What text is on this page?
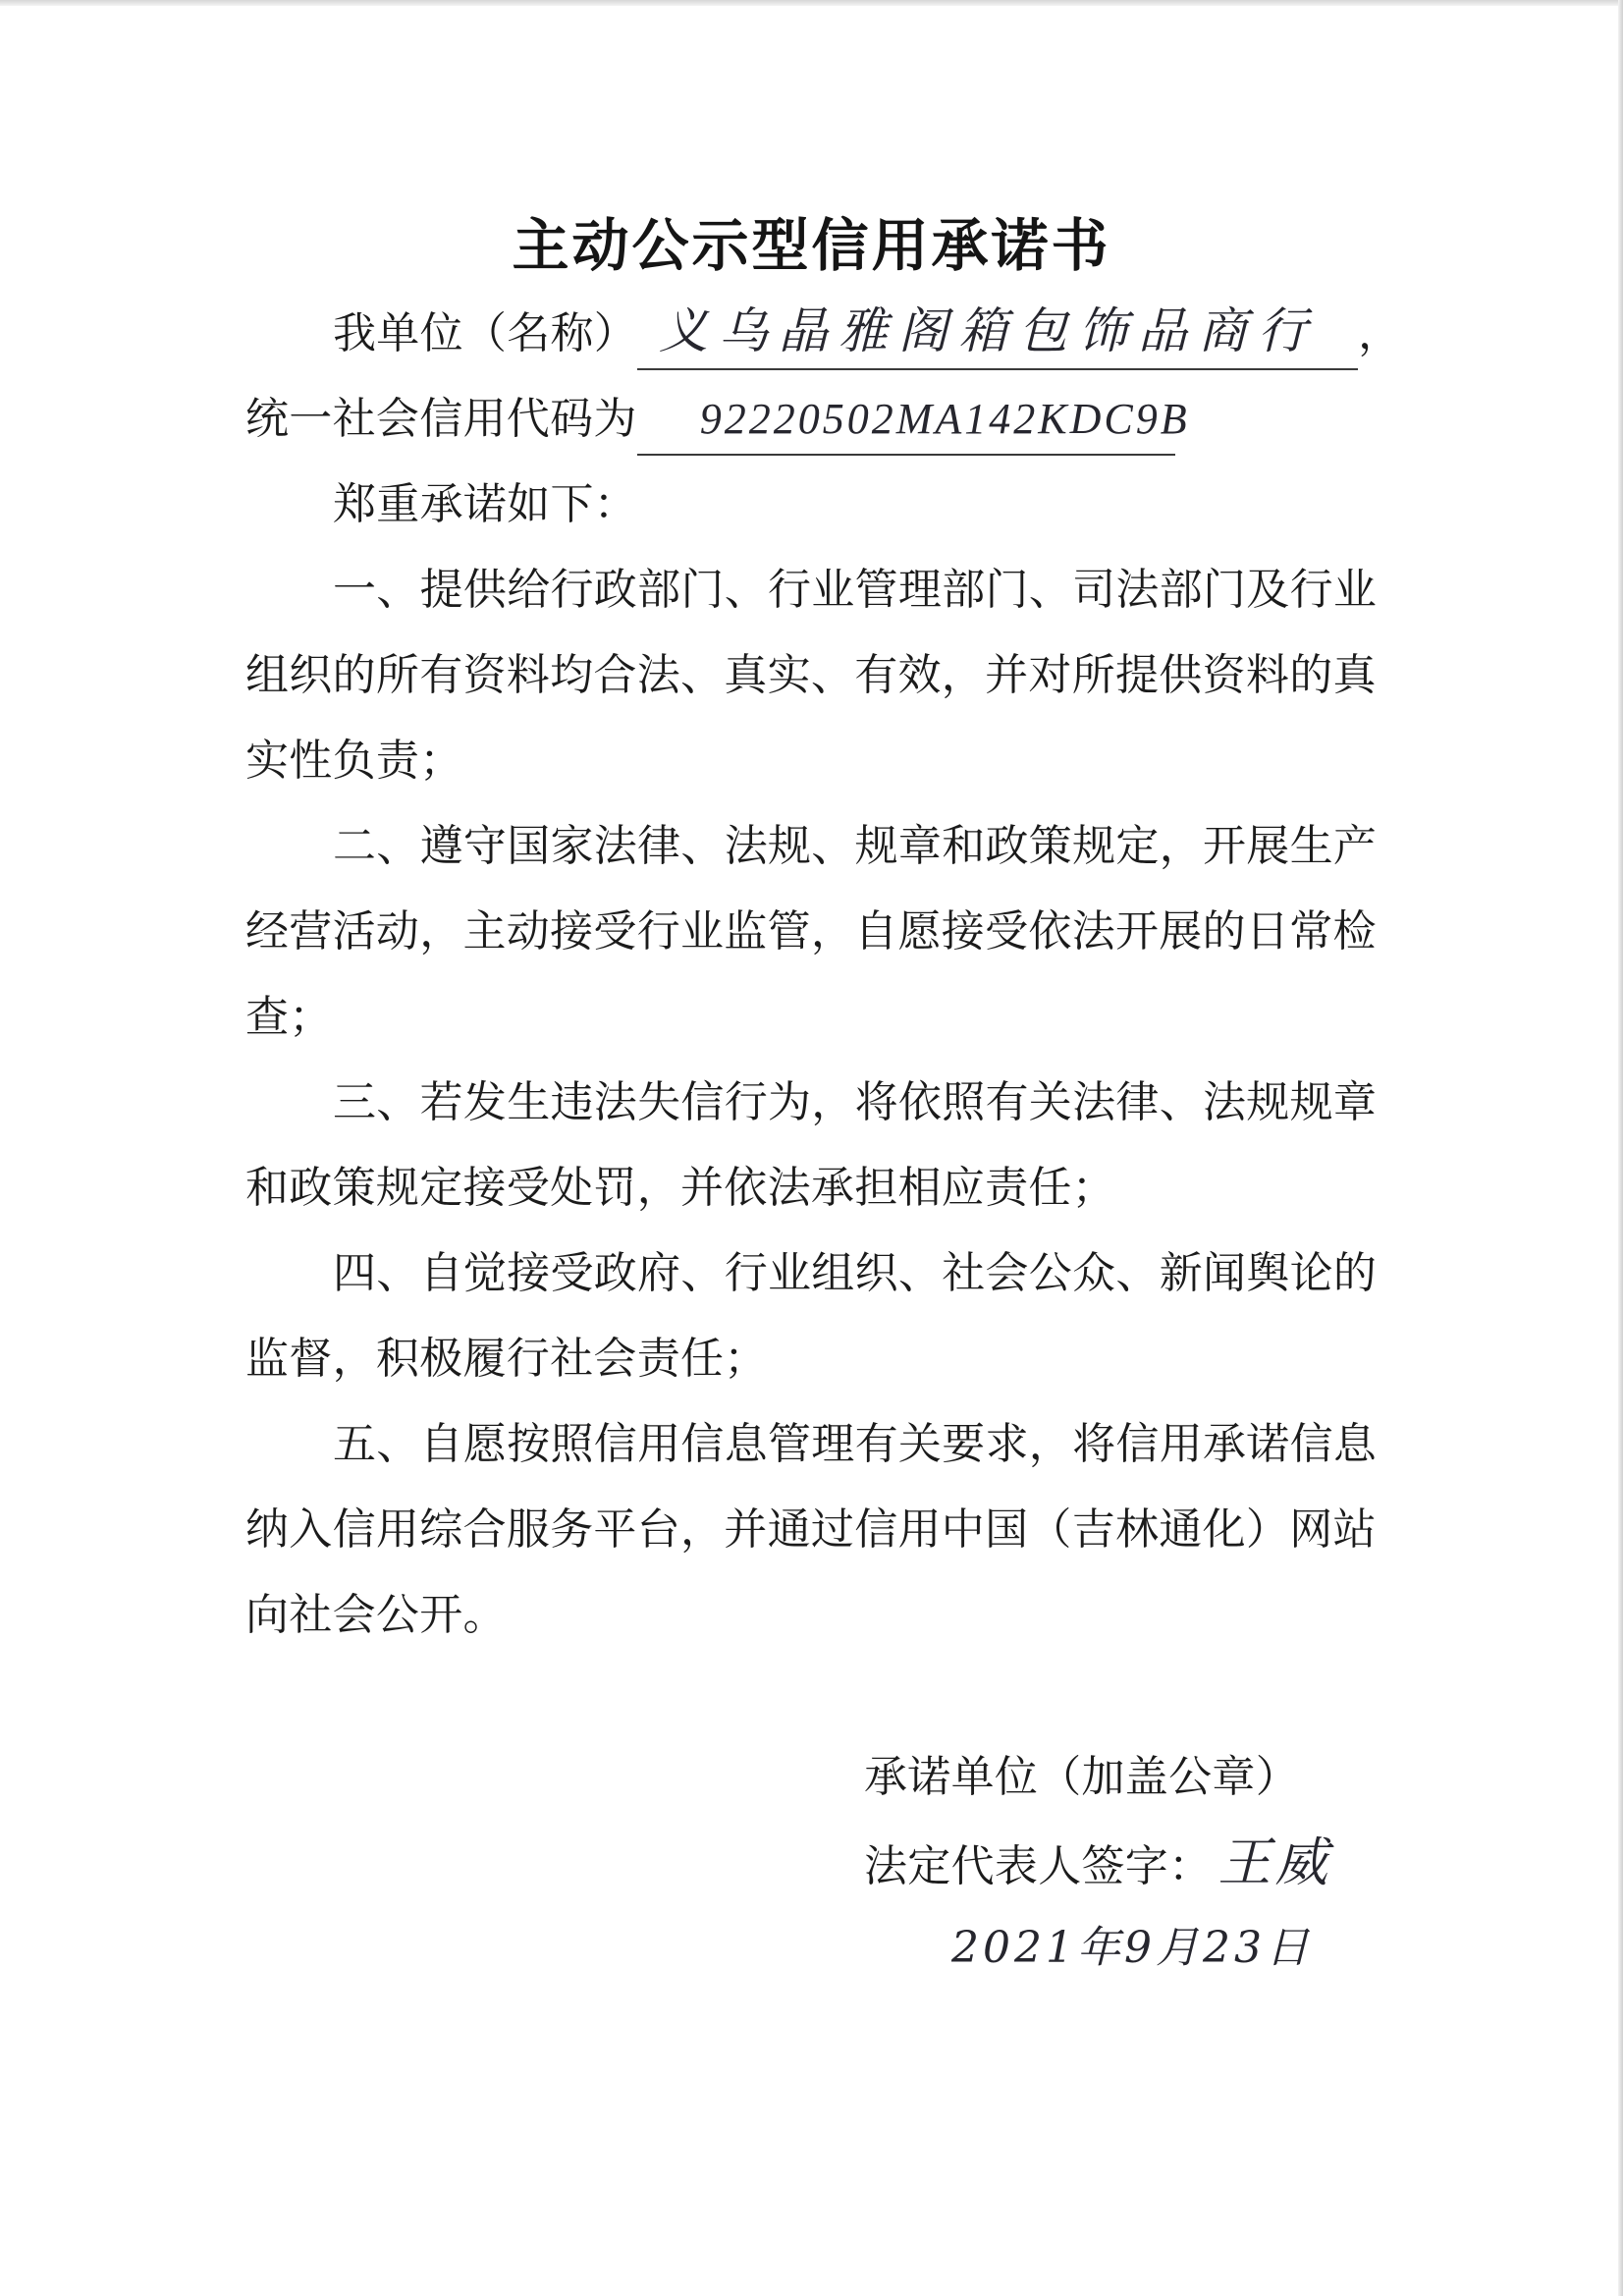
主动公示型信用承诺书
我单位（名称） 义乌晶雅阁箱包饰品商行 ，
统一社会信用代码为 92220502MA142KDC9B
郑重承诺如下：
一、提供给行政部门、行业管理部门、司法部门及行业
组织的所有资料均合法、真实、有效，并对所提供资料的真
实性负责；
二、遵守国家法律、法规、规章和政策规定，开展生产
经营活动，主动接受行业监管，自愿接受依法开展的日常检
查；
三、若发生违法失信行为，将依照有关法律、法规规章
和政策规定接受处罚，并依法承担相应责任；
四、自觉接受政府、行业组织、社会公众、新闻舆论的
监督，积极履行社会责任；
五、自愿按照信用信息管理有关要求，将信用承诺信息
纳入信用综合服务平台，并通过信用中国（吉林通化）网站
向社会公开。
承诺单位（加盖公章）
法定代表人签字： 王威
2021年9月23日
